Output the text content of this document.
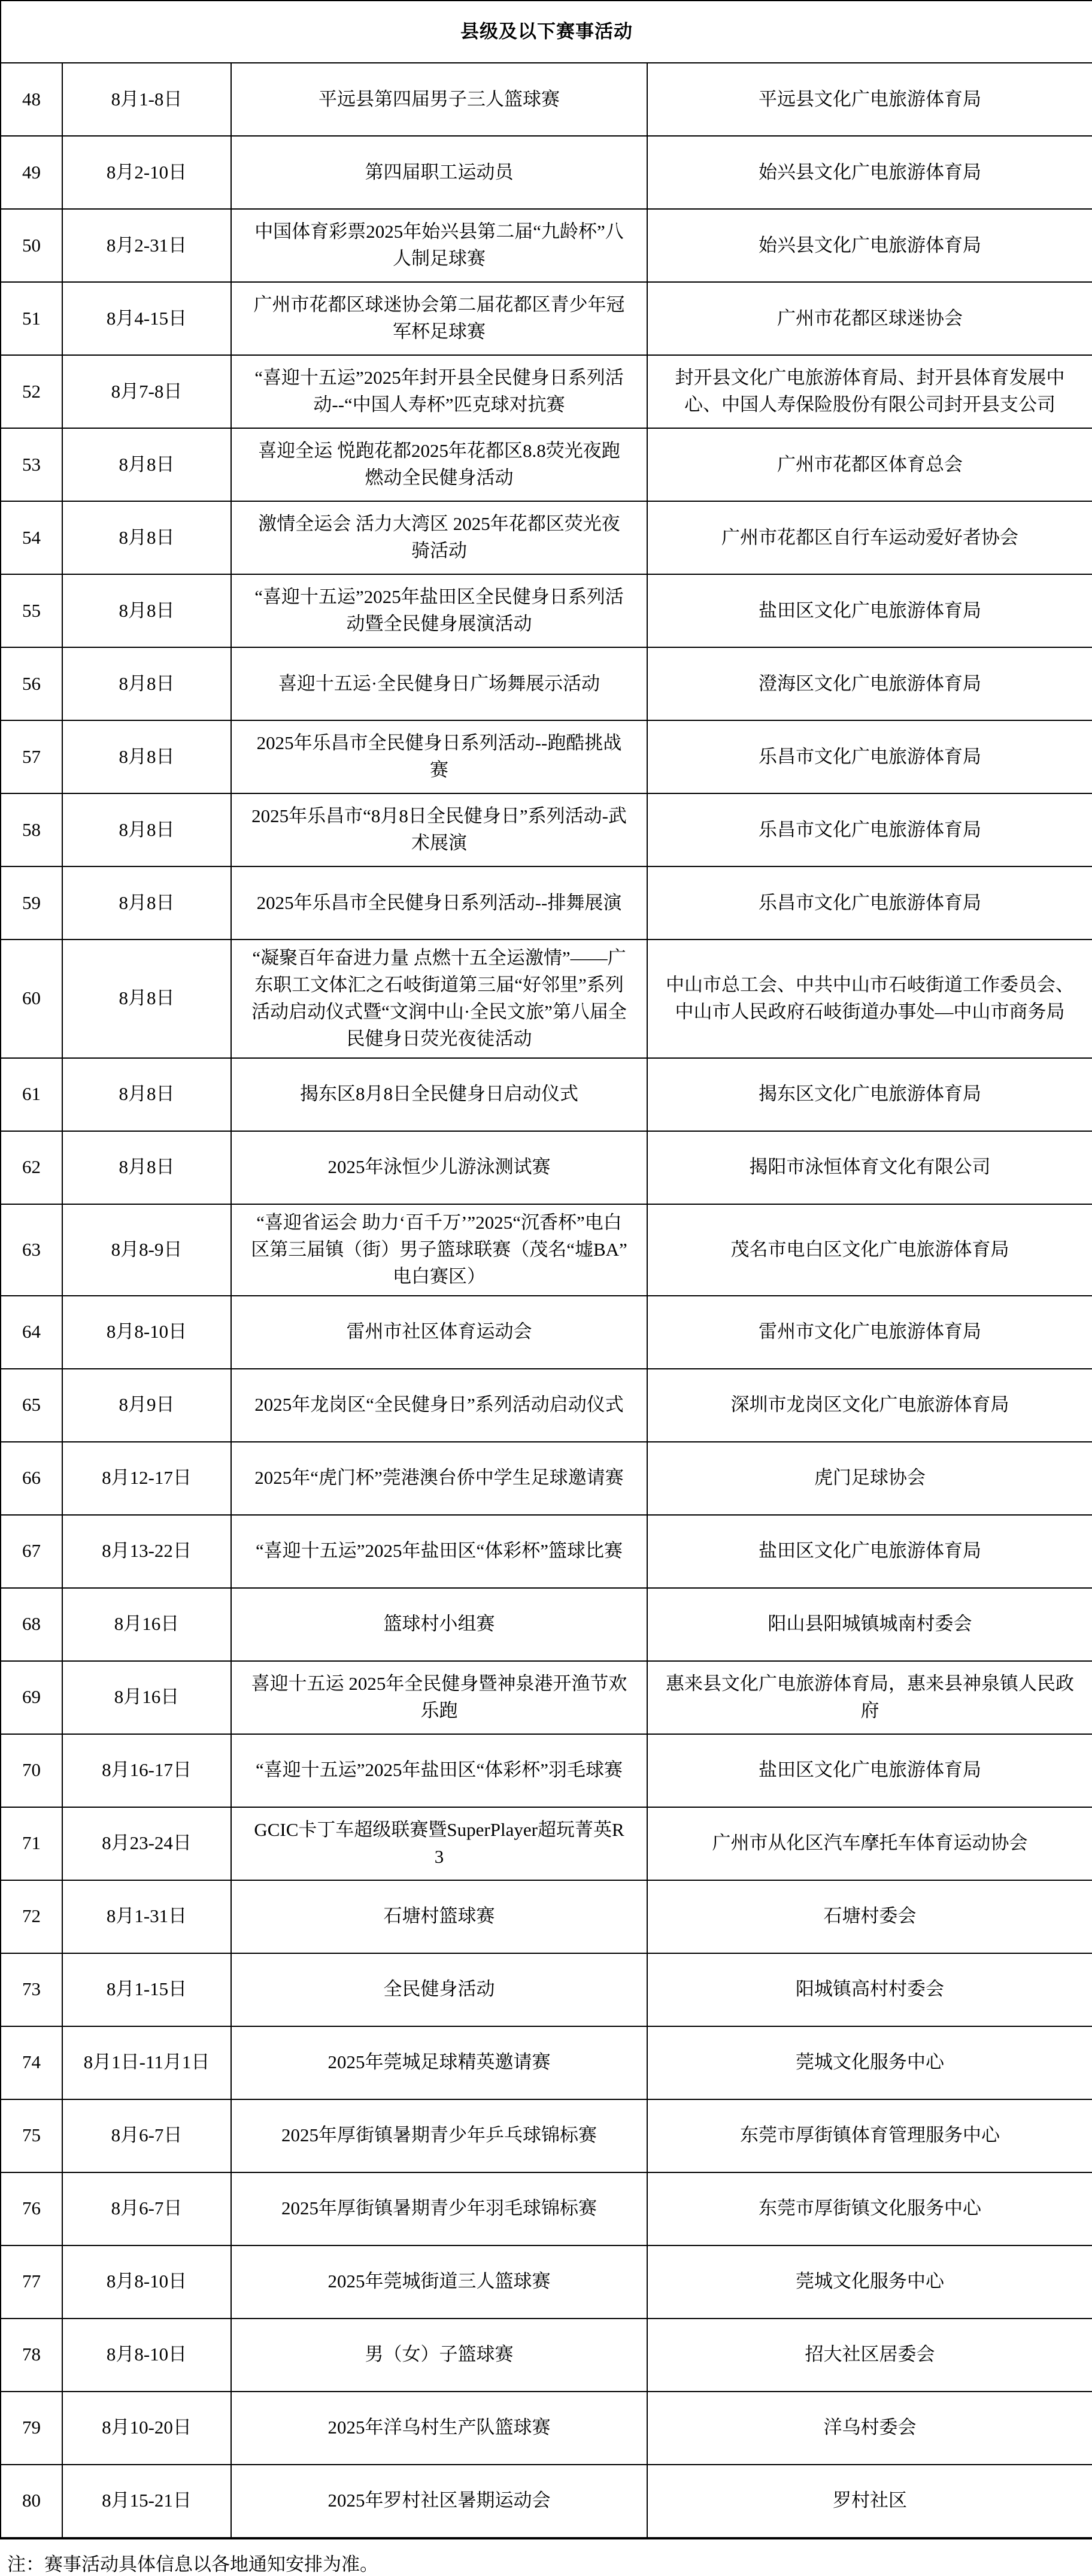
县级及以下赛事活动			
48	8月1-8日	平远县第四届男子三人篮球赛	平远县文化广电旅游体育局
49	8月2-10日	第四届职工运动员	始兴县文化广电旅游体育局
50	8月2-31日	中国体育彩票2025年始兴县第二届“九龄杯”八人制足球赛	始兴县文化广电旅游体育局
51	8月4-15日	广州市花都区球迷协会第二届花都区青少年冠军杯足球赛	广州市花都区球迷协会
52	8月7-8日	“喜迎十五运”2025年封开县全民健身日系列活动--“中国人寿杯”匹克球对抗赛	封开县文化广电旅游体育局、封开县体育发展中心、中国人寿保险股份有限公司封开县支公司
53	8月8日	喜迎全运 悦跑花都2025年花都区8.8荧光夜跑燃动全民健身活动	广州市花都区体育总会
54	8月8日	激情全运会 活力大湾区 2025年花都区荧光夜骑活动	广州市花都区自行车运动爱好者协会
55	8月8日	“喜迎十五运”2025年盐田区全民健身日系列活动暨全民健身展演活动	盐田区文化广电旅游体育局
56	8月8日	喜迎十五运·全民健身日广场舞展示活动	澄海区文化广电旅游体育局
57	8月8日	2025年乐昌市全民健身日系列活动--跑酷挑战赛	乐昌市文化广电旅游体育局
58	8月8日	2025年乐昌市“8月8日全民健身日”系列活动-武术展演	乐昌市文化广电旅游体育局
59	8月8日	2025年乐昌市全民健身日系列活动--排舞展演	乐昌市文化广电旅游体育局
60	8月8日	“凝聚百年奋进力量 点燃十五全运激情”——广东职工文体汇之石岐街道第三届“好邻里”系列活动启动仪式暨“文润中山·全民文旅”第八届全民健身日荧光夜徒活动	中山市总工会、中共中山市石岐街道工作委员会、中山市人民政府石岐街道办事处—中山市商务局
61	8月8日	揭东区8月8日全民健身日启动仪式	揭东区文化广电旅游体育局
62	8月8日	2025年泳恒少儿游泳测试赛	揭阳市泳恒体育文化有限公司
63	8月8-9日	“喜迎省运会 助力‘百千万’”2025“沉香杯”电白区第三届镇（街）男子篮球联赛（茂名“墟BA”电白赛区）	茂名市电白区文化广电旅游体育局
64	8月8-10日	雷州市社区体育运动会	雷州市文化广电旅游体育局
65	8月9日	2025年龙岗区“全民健身日”系列活动启动仪式	深圳市龙岗区文化广电旅游体育局
66	8月12-17日	2025年“虎门杯”莞港澳台侨中学生足球邀请赛	虎门足球协会
67	8月13-22日	“喜迎十五运”2025年盐田区“体彩杯”篮球比赛	盐田区文化广电旅游体育局
68	8月16日	篮球村小组赛	阳山县阳城镇城南村委会
69	8月16日	喜迎十五运 2025年全民健身暨神泉港开渔节欢乐跑	惠来县文化广电旅游体育局，惠来县神泉镇人民政府
70	8月16-17日	“喜迎十五运”2025年盐田区“体彩杯”羽毛球赛	盐田区文化广电旅游体育局
71	8月23-24日	GCIC卡丁车超级联赛暨SuperPlayer超玩菁英R3	广州市从化区汽车摩托车体育运动协会
72	8月1-31日	石塘村篮球赛	石塘村委会
73	8月1-15日	全民健身活动	阳城镇高村村委会
74	8月1日-11月1日	2025年莞城足球精英邀请赛	莞城文化服务中心
75	8月6-7日	2025年厚街镇暑期青少年乒乓球锦标赛	东莞市厚街镇体育管理服务中心
76	8月6-7日	2025年厚街镇暑期青少年羽毛球锦标赛	东莞市厚街镇文化服务中心
77	8月8-10日	2025年莞城街道三人篮球赛	莞城文化服务中心
78	8月8-10日	男（女）子篮球赛	招大社区居委会
79	8月10-20日	2025年洋乌村生产队篮球赛	洋乌村委会
80	8月15-21日	2025年罗村社区暑期运动会	罗村社区
注：赛事活动具体信息以各地通知安排为准。
